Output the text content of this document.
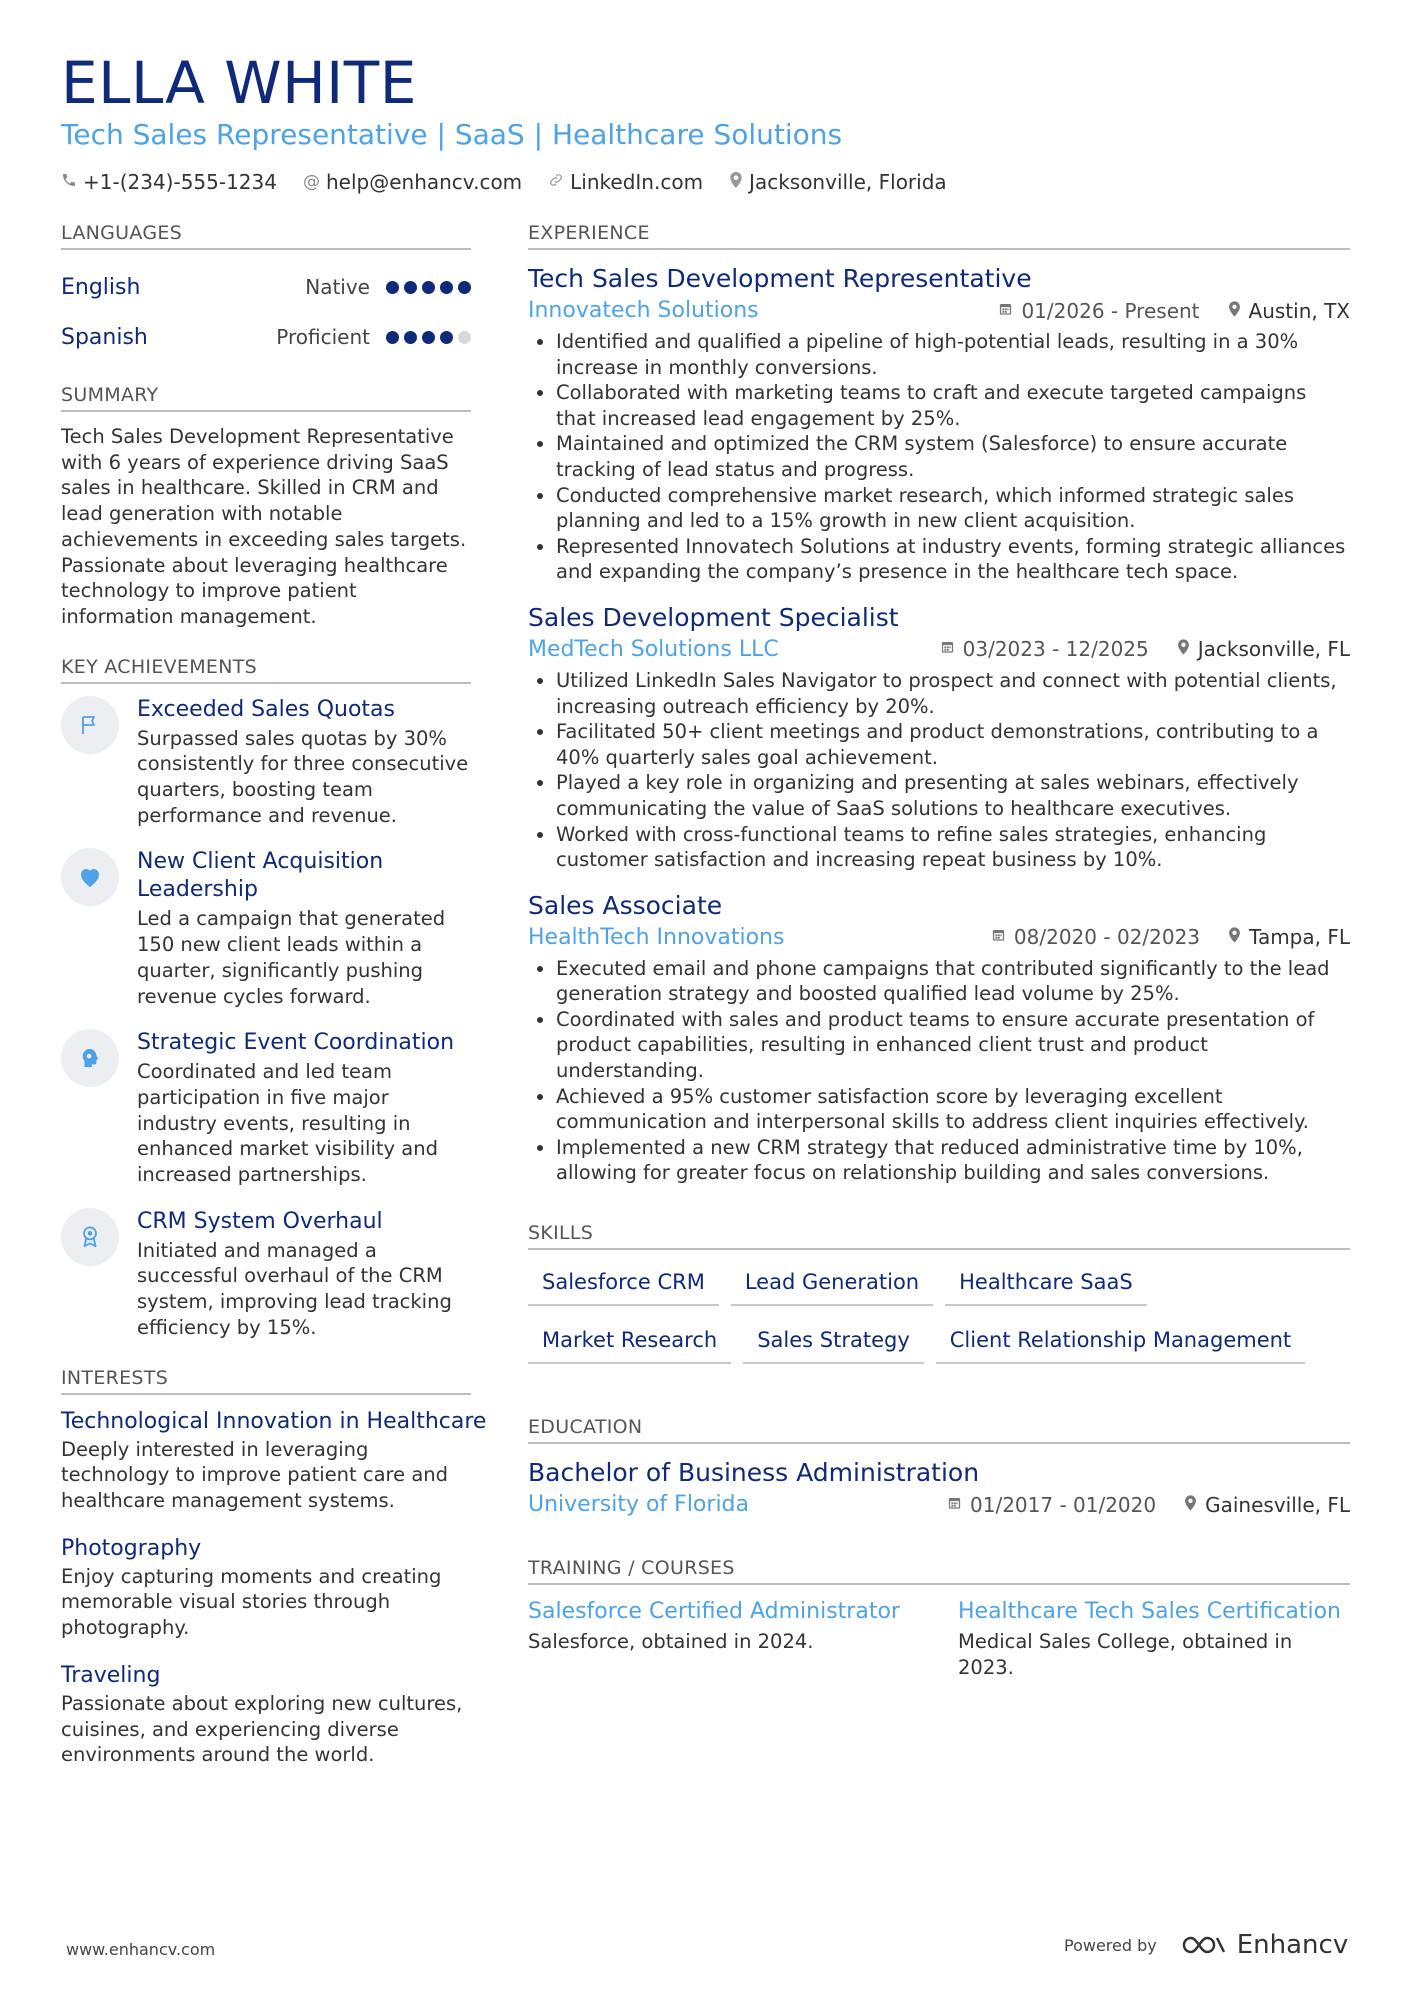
ELLA WHITE
Tech Sales Representative | SaaS | Healthcare Solutions
+1-(234)-555-1234 @ help@enhancv.com LinkedIn.com Jacksonville, Florida
LANGUAGES
English	Native
Spanish	Proficient
SUMMARY
Tech Sales Development Representative with 6 years of experience driving SaaS sales in healthcare. Skilled in CRM and lead generation with notable achievements in exceeding sales targets. Passionate about leveraging healthcare technology to improve patient information management.
KEY ACHIEVEMENTS
Exceeded Sales Quotas
Surpassed sales quotas by 30% consistently for three consecutive quarters, boosting team performance and revenue.
New Client Acquisition Leadership
Led a campaign that generated 150 new client leads within a quarter, significantly pushing revenue cycles forward.
Strategic Event Coordination
Coordinated and led team participation in five major industry events, resulting in enhanced market visibility and increased partnerships.
CRM System Overhaul
Initiated and managed a successful overhaul of the CRM system, improving lead tracking efficiency by 15%.
INTERESTS
Technological Innovation in Healthcare
Deeply interested in leveraging technology to improve patient care and healthcare management systems.
Photography
Enjoy capturing moments and creating memorable visual stories through photography.
Traveling
Passionate about exploring new cultures, cuisines, and experiencing diverse environments around the world.
EXPERIENCE
Tech Sales Development Representative
Innovatech Solutions	01/2026 - Present Austin, TX
• Identified and qualified a pipeline of high-potential leads, resulting in a 30% increase in monthly conversions.
• Collaborated with marketing teams to craft and execute targeted campaigns that increased lead engagement by 25%.
• Maintained and optimized the CRM system (Salesforce) to ensure accurate tracking of lead status and progress.
• Conducted comprehensive market research, which informed strategic sales planning and led to a 15% growth in new client acquisition.
• Represented Innovatech Solutions at industry events, forming strategic alliances and expanding the company’s presence in the healthcare tech space.
Sales Development Specialist
MedTech Solutions LLC	03/2023 - 12/2025 Jacksonville, FL
• Utilized LinkedIn Sales Navigator to prospect and connect with potential clients, increasing outreach efficiency by 20%.
• Facilitated 50+ client meetings and product demonstrations, contributing to a 40% quarterly sales goal achievement.
• Played a key role in organizing and presenting at sales webinars, effectively communicating the value of SaaS solutions to healthcare executives.
• Worked with cross-functional teams to refine sales strategies, enhancing customer satisfaction and increasing repeat business by 10%.
Sales Associate
HealthTech Innovations	08/2020 - 02/2023 Tampa, FL
• Executed email and phone campaigns that contributed significantly to the lead generation strategy and boosted qualified lead volume by 25%.
• Coordinated with sales and product teams to ensure accurate presentation of product capabilities, resulting in enhanced client trust and product understanding.
• Achieved a 95% customer satisfaction score by leveraging excellent communication and interpersonal skills to address client inquiries effectively.
• Implemented a new CRM strategy that reduced administrative time by 10%, allowing for greater focus on relationship building and sales conversions.
SKILLS
Salesforce CRM	Lead Generation	Healthcare SaaS
Market Research	Sales Strategy	Client Relationship Management
EDUCATION
Bachelor of Business Administration
University of Florida	01/2017 - 01/2020 Gainesville, FL
TRAINING / COURSES
Salesforce Certified Administrator
Salesforce, obtained in 2024.
Healthcare Tech Sales Certification
Medical Sales College, obtained in 2023.
www.enhancv.com	Powered by	Enhancv
